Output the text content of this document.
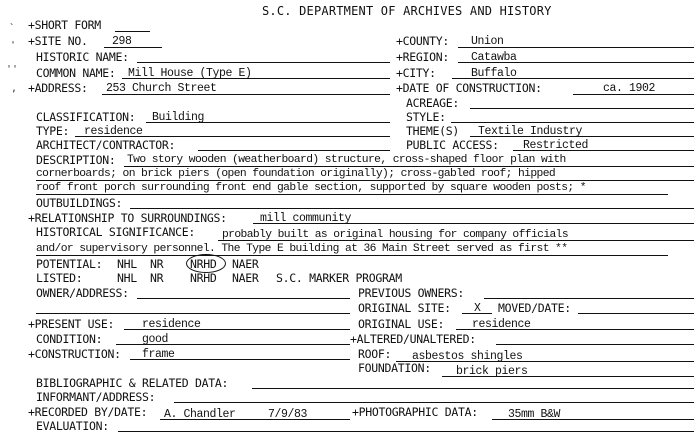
S.C. DEPARTMENT OF ARCHIVES AND HISTORY
`
'
''
,
+SHORT FORM
+SITE NO. 298	+COUNTY: Union
HISTORIC NAME:	+REGION: Catawba
COMMON NAME: Mill House (Type E)	+CITY:	Buffalo
+ADDRESS: 253 Church Street	+DATE OF CONSTRUCTION:	ca. 1902
ACREAGE:
CLASSIFICATION: Building	STYLE:
TYPE: residence	THEME(S) Textile Industry
ARCHITECT/CONTRACTOR:	PUBLIC ACCESS: Restricted
DESCRIPTION: Two story wooden (weatherboard) structure, cross-shaped floor plan with
cornerboards; on brick piers (open foundation originally); cross-gabled roof; hipped
roof front porch surrounding front end gable section, supported by square wooden posts; *
OUTBUILDINGS:
+RELATIONSHIP TO SURROUNDINGS:	mill community
HISTORICAL SIGNIFICANCE: probably built as original housing for company officials
and/or supervisory personnel. The Type E building at 36 Main Street served as first **
POTENTIAL: NHL NR NRHD NAER
LISTED:	NHL NR NRHD NAER S.C. MARKER PROGRAM
OWNER/ADDRESS:	PREVIOUS OWNERS:
ORIGINAL SITE: X MOVED/DATE:
+PRESENT USE: residence	ORIGINAL USE: residence
CONDITION:	good	+ALTERED/UNALTERED:
+CONSTRUCTION: frame	ROOF: asbestos shingles
FOUNDATION: brick piers
BIBLIOGRAPHIC & RELATED DATA:
INFORMANT/ADDRESS:
+RECORDED BY/DATE: A. Chandler	7/9/83	+PHOTOGRAPHIC DATA:	35mm B&W
EVALUATION:
